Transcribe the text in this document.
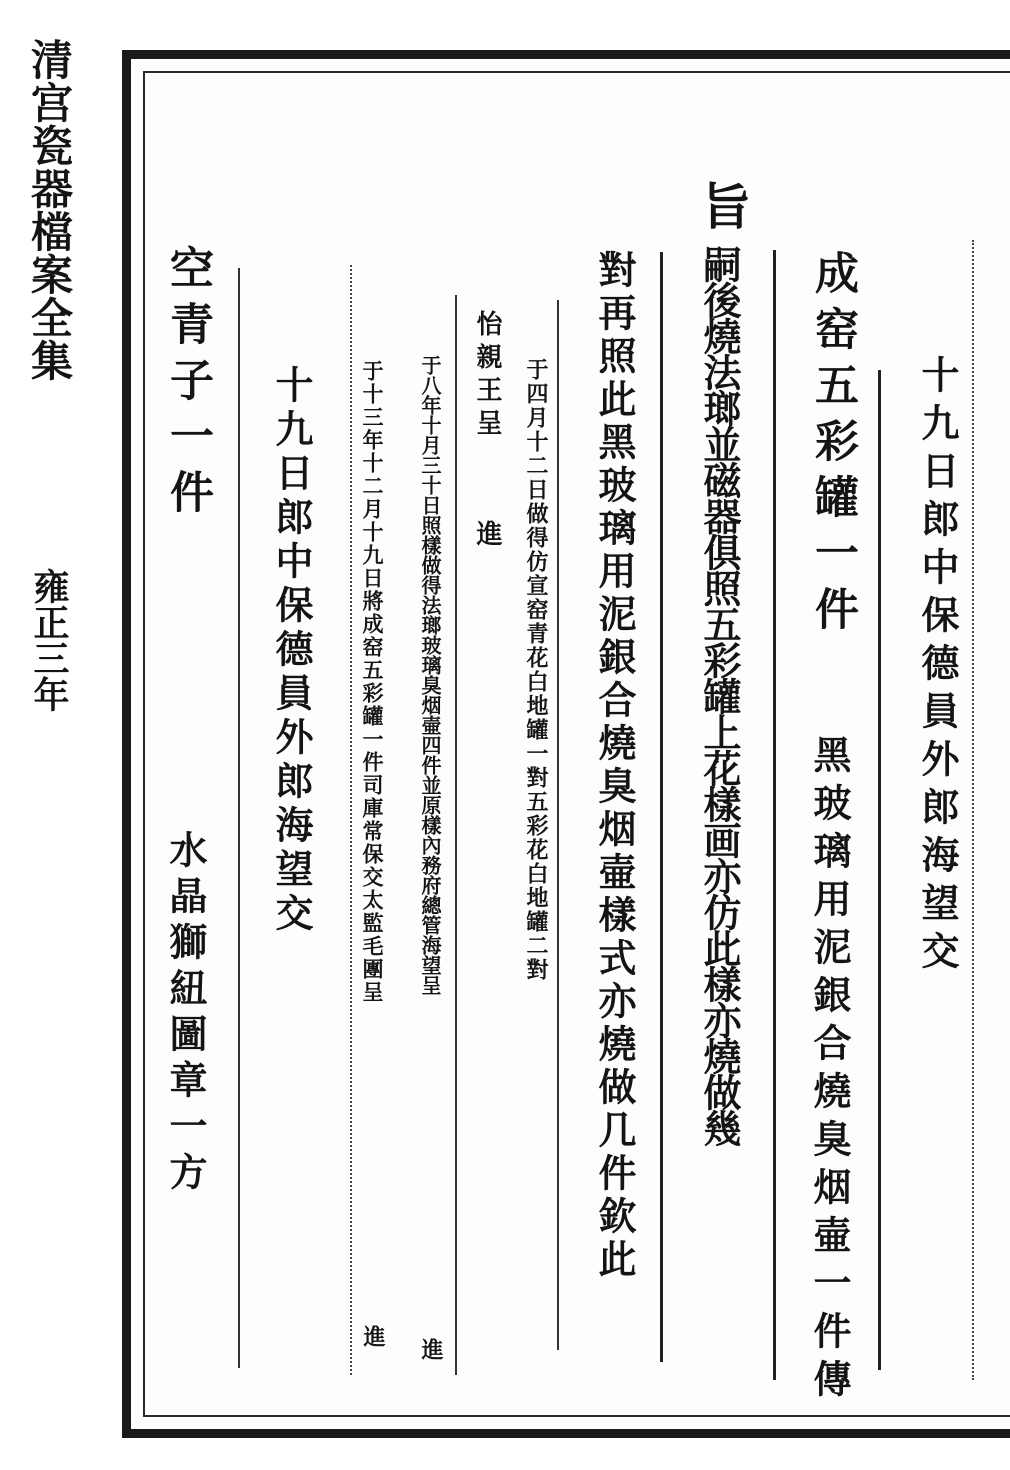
清宫瓷器檔案全集
雍正三年	十九日郎中保德員外郎海望交
成窑五彩罐一件
黑玻璃用泥銀合燒臭烟壷一件傳
旨
嗣後燒法瑯並磁器俱照五彩罐上花樣画亦仿此樣亦燒做幾
對再照此黑玻璃用泥銀合燒臭烟壷樣式亦燒做几件欽此
于四月十二日做得仿宣窑青花白地罐一對五彩花白地罐二對
怡親王呈
進
于八年十月三十日照樣做得法瑯玻璃臭烟壷四件並原樣內務府總管海望呈
進
于十三年十二月十九日將成窑五彩罐一件司庫常保交太監毛團呈
進
十九日郎中保德員外郎海望交
空青子一件
水晶獅紐圖章一方
